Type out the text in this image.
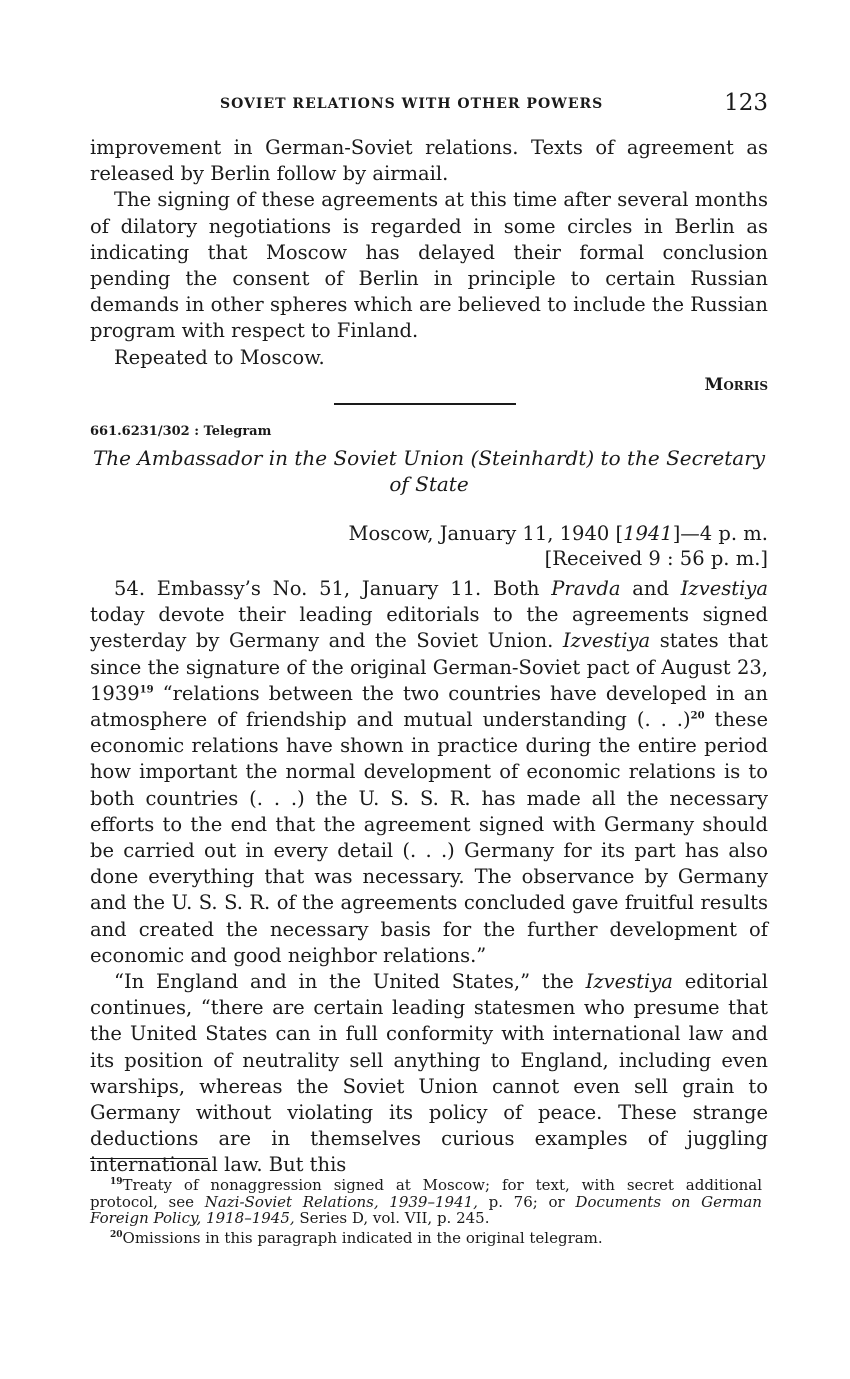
SOVIET RELATIONS WITH OTHER POWERS	123

improvement in German-Soviet relations. Texts of agreement as released by Berlin follow by airmail.

The signing of these agreements at this time after several months of dilatory negotiations is regarded in some circles in Berlin as indicating that Moscow has delayed their formal conclusion pending the consent of Berlin in principle to certain Russian demands in other spheres which are believed to include the Russian program with respect to Finland.

Repeated to Moscow.

Morris
661.6231/302 : Telegram
The Ambassador in the Soviet Union (Steinhardt) to the Secretary
of State
Moscow, January 11, 1940 [1941]—4 p. m.
[Received 9 : 56 p. m.]

54. Embassy’s No. 51, January 11. Both Pravda and Izvestiya today devote their leading editorials to the agreements signed yesterday by Germany and the Soviet Union. Izvestiya states that since the signature of the original German-Soviet pact of August 23, 1939$^{19}$ “relations between the two countries have developed in an atmosphere of friendship and mutual understanding (. . .)$^{20}$ these economic relations have shown in practice during the entire period how important the normal development of economic relations is to both countries (. . .) the U. S. S. R. has made all the necessary efforts to the end that the agreement signed with Germany should be carried out in every detail (. . .) Germany for its part has also done everything that was necessary. The observance by Germany and the U. S. S. R. of the agreements concluded gave fruitful results and created the necessary basis for the further development of economic and good neighbor relations.”

“In England and in the United States,” the Izvestiya editorial continues, “there are certain leading statesmen who presume that the United States can in full conformity with international law and its position of neutrality sell anything to England, including even warships, whereas the Soviet Union cannot even sell grain to Germany without violating its policy of peace. These strange deductions are in themselves curious examples of juggling international law. But this

$^{19}$Treaty of nonaggression signed at Moscow; for text, with secret additional protocol, see Nazi-Soviet Relations, 1939–1941, p. 76; or Documents on German Foreign Policy, 1918–1945, Series D, vol. VII, p. 245.

$^{20}$Omissions in this paragraph indicated in the original telegram.
